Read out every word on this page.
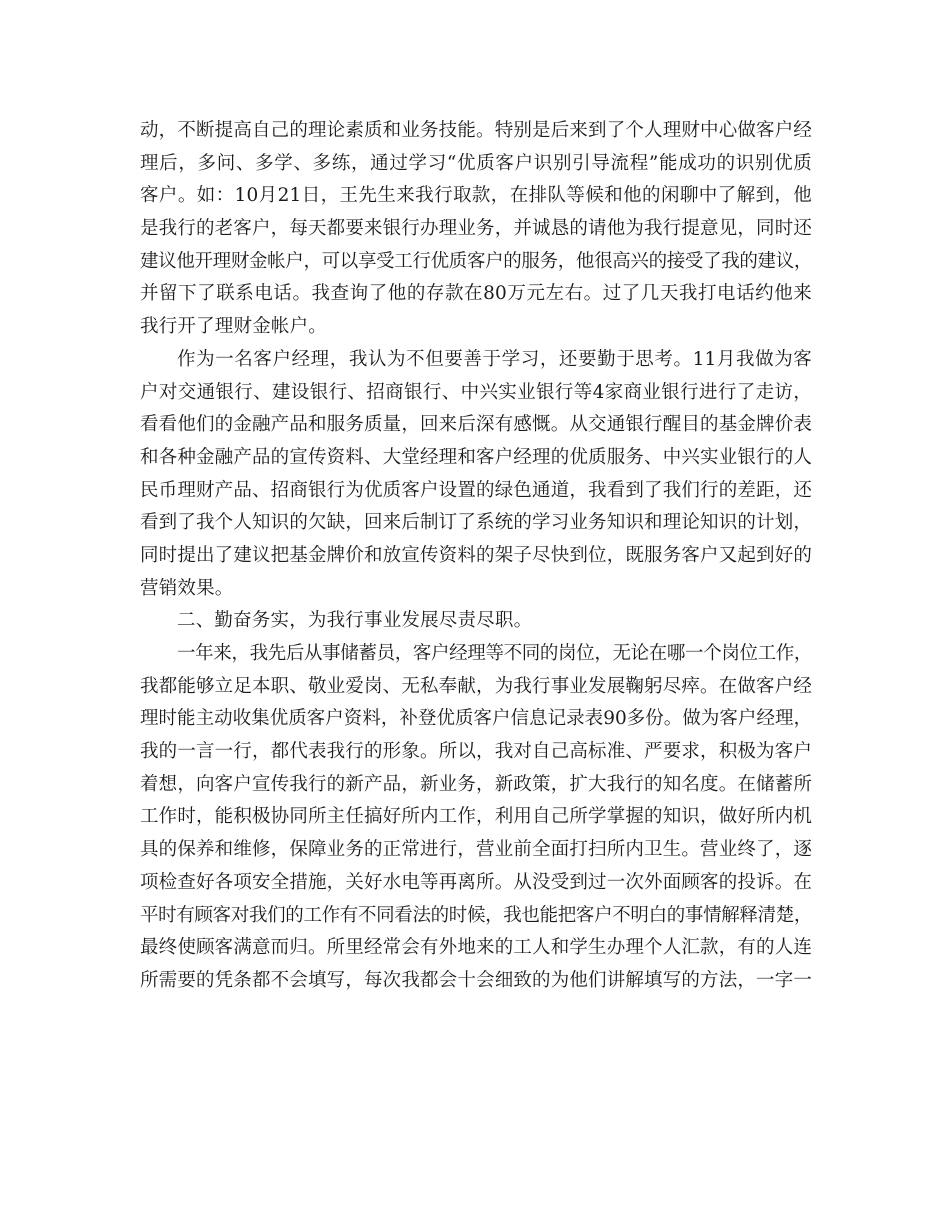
动，不断提高自己的理论素质和业务技能。特别是后来到了个人理财中心做客户经
理后，多问、多学、多练，通过学习“优质客户识别引导流程”能成功的识别优质
客户。如：10月21日，王先生来我行取款，在排队等候和他的闲聊中了解到，他
是我行的老客户，每天都要来银行办理业务，并诚恳的请他为我行提意见，同时还
建议他开理财金帐户，可以享受工行优质客户的服务，他很高兴的接受了我的建议，
并留下了联系电话。我查询了他的存款在80万元左右。过了几天我打电话约他来
我行开了理财金帐户。
作为一名客户经理，我认为不但要善于学习，还要勤于思考。11月我做为客
户对交通银行、建设银行、招商银行、中兴实业银行等4家商业银行进行了走访，
看看他们的金融产品和服务质量，回来后深有感慨。从交通银行醒目的基金牌价表
和各种金融产品的宣传资料、大堂经理和客户经理的优质服务、中兴实业银行的人
民币理财产品、招商银行为优质客户设置的绿色通道，我看到了我们行的差距，还
看到了我个人知识的欠缺，回来后制订了系统的学习业务知识和理论知识的计划，
同时提出了建议把基金牌价和放宣传资料的架子尽快到位，既服务客户又起到好的
营销效果。
二、勤奋务实，为我行事业发展尽责尽职。
一年来，我先后从事储蓄员，客户经理等不同的岗位，无论在哪一个岗位工作，
我都能够立足本职、敬业爱岗、无私奉献，为我行事业发展鞠躬尽瘁。在做客户经
理时能主动收集优质客户资料，补登优质客户信息记录表90多份。做为客户经理，
我的一言一行，都代表我行的形象。所以，我对自己高标准、严要求，积极为客户
着想，向客户宣传我行的新产品，新业务，新政策，扩大我行的知名度。在储蓄所
工作时，能积极协同所主任搞好所内工作，利用自己所学掌握的知识，做好所内机
具的保养和维修，保障业务的正常进行，营业前全面打扫所内卫生。营业终了，逐
项检查好各项安全措施，关好水电等再离所。从没受到过一次外面顾客的投诉。在
平时有顾客对我们的工作有不同看法的时候，我也能把客户不明白的事情解释清楚，
最终使顾客满意而归。所里经常会有外地来的工人和学生办理个人汇款，有的人连
所需要的凭条都不会填写，每次我都会十会细致的为他们讲解填写的方法，一字一
